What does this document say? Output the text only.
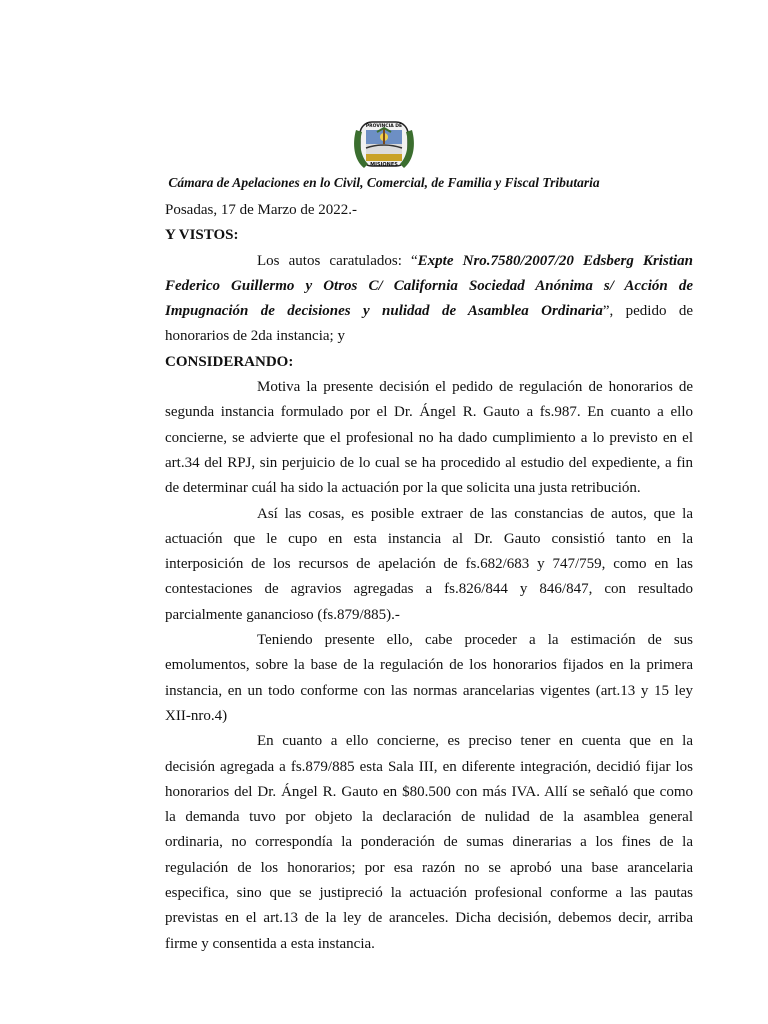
PROVINCIA DE
MISIONES
Cámara de Apelaciones en lo Civil, Comercial, de Familia y Fiscal Tributaria
Posadas, 17 de Marzo de 2022.-
Y VISTOS:
Los autos caratulados: “Expte Nro.7580/2007/20 Edsberg Kristian
Federico Guillermo y Otros C/ California Sociedad Anónima s/ Acción de
Impugnación de decisiones y nulidad de Asamblea Ordinaria”, pedido de
honorarios de 2da instancia; y
CONSIDERANDO:
Motiva la presente decisión el pedido de regulación de honorarios de
segunda instancia formulado por el Dr. Ángel R. Gauto a fs.987. En cuanto a ello
concierne, se advierte que el profesional no ha dado cumplimiento a lo previsto en el
art.34 del RPJ, sin perjuicio de lo cual se ha procedido al estudio del expediente, a fin
de determinar cuál ha sido la actuación por la que solicita una justa retribución.
Así las cosas, es posible extraer de las constancias de autos, que la
actuación que le cupo en esta instancia al Dr. Gauto consistió tanto en la
interposición de los recursos de apelación de fs.682/683 y 747/759, como en las
contestaciones de agravios agregadas a fs.826/844 y 846/847, con resultado
parcialmente ganancioso (fs.879/885).-
Teniendo presente ello, cabe proceder a la estimación de sus
emolumentos, sobre la base de la regulación de los honorarios fijados en la primera
instancia, en un todo conforme con las normas arancelarias vigentes (art.13 y 15 ley
XII-nro.4)
En cuanto a ello concierne, es preciso tener en cuenta que en la
decisión agregada a fs.879/885 esta Sala III, en diferente integración, decidió fijar los
honorarios del Dr. Ángel R. Gauto en $80.500 con más IVA. Allí se señaló que como
la demanda tuvo por objeto la declaración de nulidad de la asamblea general
ordinaria, no correspondía la ponderación de sumas dinerarias a los fines de la
regulación de los honorarios; por esa razón no se aprobó una base arancelaria
especifica, sino que se justipreció la actuación profesional conforme a las pautas
previstas en el art.13 de la ley de aranceles. Dicha decisión, debemos decir, arriba
firme y consentida a esta instancia.
